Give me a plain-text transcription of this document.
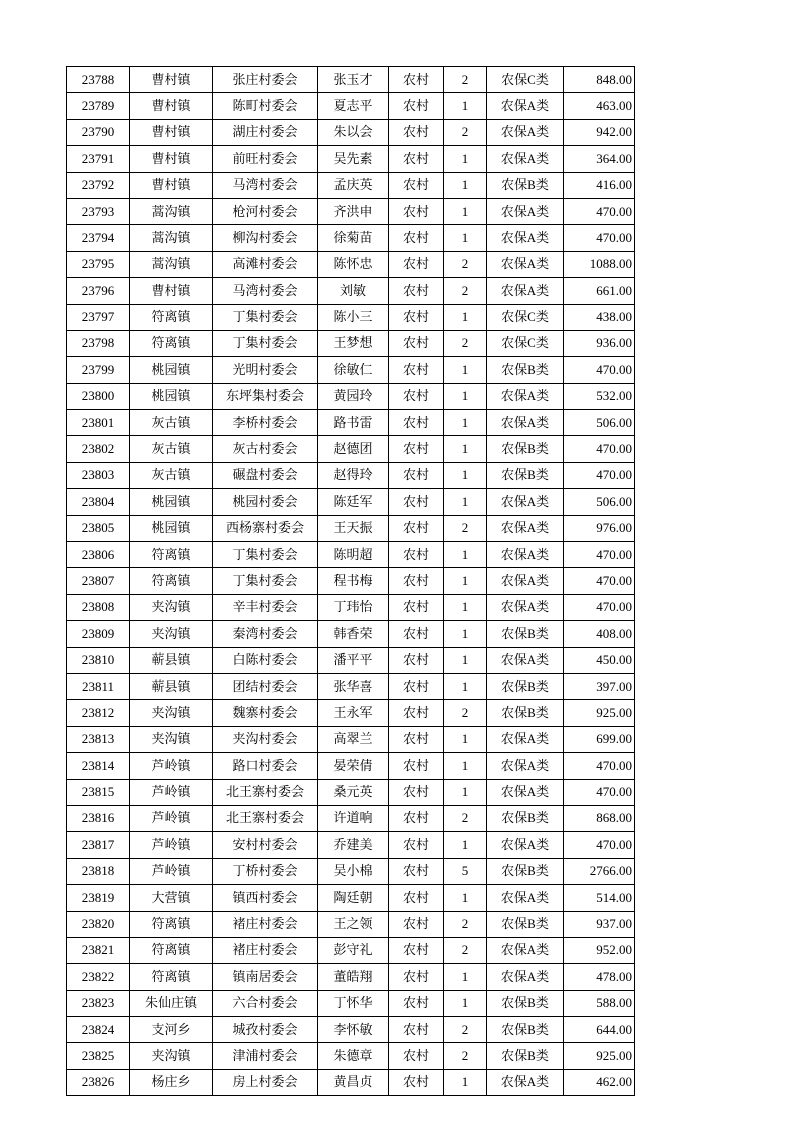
23788	曹村镇	张庄村委会	张玉才	农村	2	农保C类	848.00
23789	曹村镇	陈町村委会	夏志平	农村	1	农保A类	463.00
23790	曹村镇	湖庄村委会	朱以会	农村	2	农保A类	942.00
23791	曹村镇	前旺村委会	吴先素	农村	1	农保A类	364.00
23792	曹村镇	马湾村委会	孟庆英	农村	1	农保B类	416.00
23793	蒿沟镇	枪河村委会	齐洪申	农村	1	农保A类	470.00
23794	蒿沟镇	柳沟村委会	徐菊苗	农村	1	农保A类	470.00
23795	蒿沟镇	高滩村委会	陈怀忠	农村	2	农保A类	1088.00
23796	曹村镇	马湾村委会	刘敏	农村	2	农保A类	661.00
23797	符离镇	丁集村委会	陈小三	农村	1	农保C类	438.00
23798	符离镇	丁集村委会	王梦想	农村	2	农保C类	936.00
23799	桃园镇	光明村委会	徐敏仁	农村	1	农保B类	470.00
23800	桃园镇	东坪集村委会	黄园玲	农村	1	农保A类	532.00
23801	灰古镇	李桥村委会	路书雷	农村	1	农保A类	506.00
23802	灰古镇	灰古村委会	赵德团	农村	1	农保B类	470.00
23803	灰古镇	碾盘村委会	赵得玲	农村	1	农保B类	470.00
23804	桃园镇	桃园村委会	陈廷军	农村	1	农保A类	506.00
23805	桃园镇	西杨寨村委会	王天振	农村	2	农保A类	976.00
23806	符离镇	丁集村委会	陈明超	农村	1	农保A类	470.00
23807	符离镇	丁集村委会	程书梅	农村	1	农保A类	470.00
23808	夹沟镇	辛丰村委会	丁玮怡	农村	1	农保A类	470.00
23809	夹沟镇	秦湾村委会	韩香荣	农村	1	农保B类	408.00
23810	蕲县镇	白陈村委会	潘平平	农村	1	农保A类	450.00
23811	蕲县镇	团结村委会	张华喜	农村	1	农保B类	397.00
23812	夹沟镇	魏寨村委会	王永军	农村	2	农保B类	925.00
23813	夹沟镇	夹沟村委会	高翠兰	农村	1	农保A类	699.00
23814	芦岭镇	路口村委会	晏荣倩	农村	1	农保A类	470.00
23815	芦岭镇	北王寨村委会	桑元英	农村	1	农保A类	470.00
23816	芦岭镇	北王寨村委会	许道响	农村	2	农保B类	868.00
23817	芦岭镇	安村村委会	乔建美	农村	1	农保A类	470.00
23818	芦岭镇	丁桥村委会	吴小棉	农村	5	农保B类	2766.00
23819	大营镇	镇西村委会	陶廷朝	农村	1	农保A类	514.00
23820	符离镇	褚庄村委会	王之领	农村	2	农保B类	937.00
23821	符离镇	褚庄村委会	彭守礼	农村	2	农保A类	952.00
23822	符离镇	镇南居委会	董皓翔	农村	1	农保A类	478.00
23823	朱仙庄镇	六合村委会	丁怀华	农村	1	农保B类	588.00
23824	支河乡	城孜村委会	李怀敏	农村	2	农保B类	644.00
23825	夹沟镇	津浦村委会	朱德章	农村	2	农保B类	925.00
23826	杨庄乡	房上村委会	黄昌贞	农村	1	农保A类	462.00
